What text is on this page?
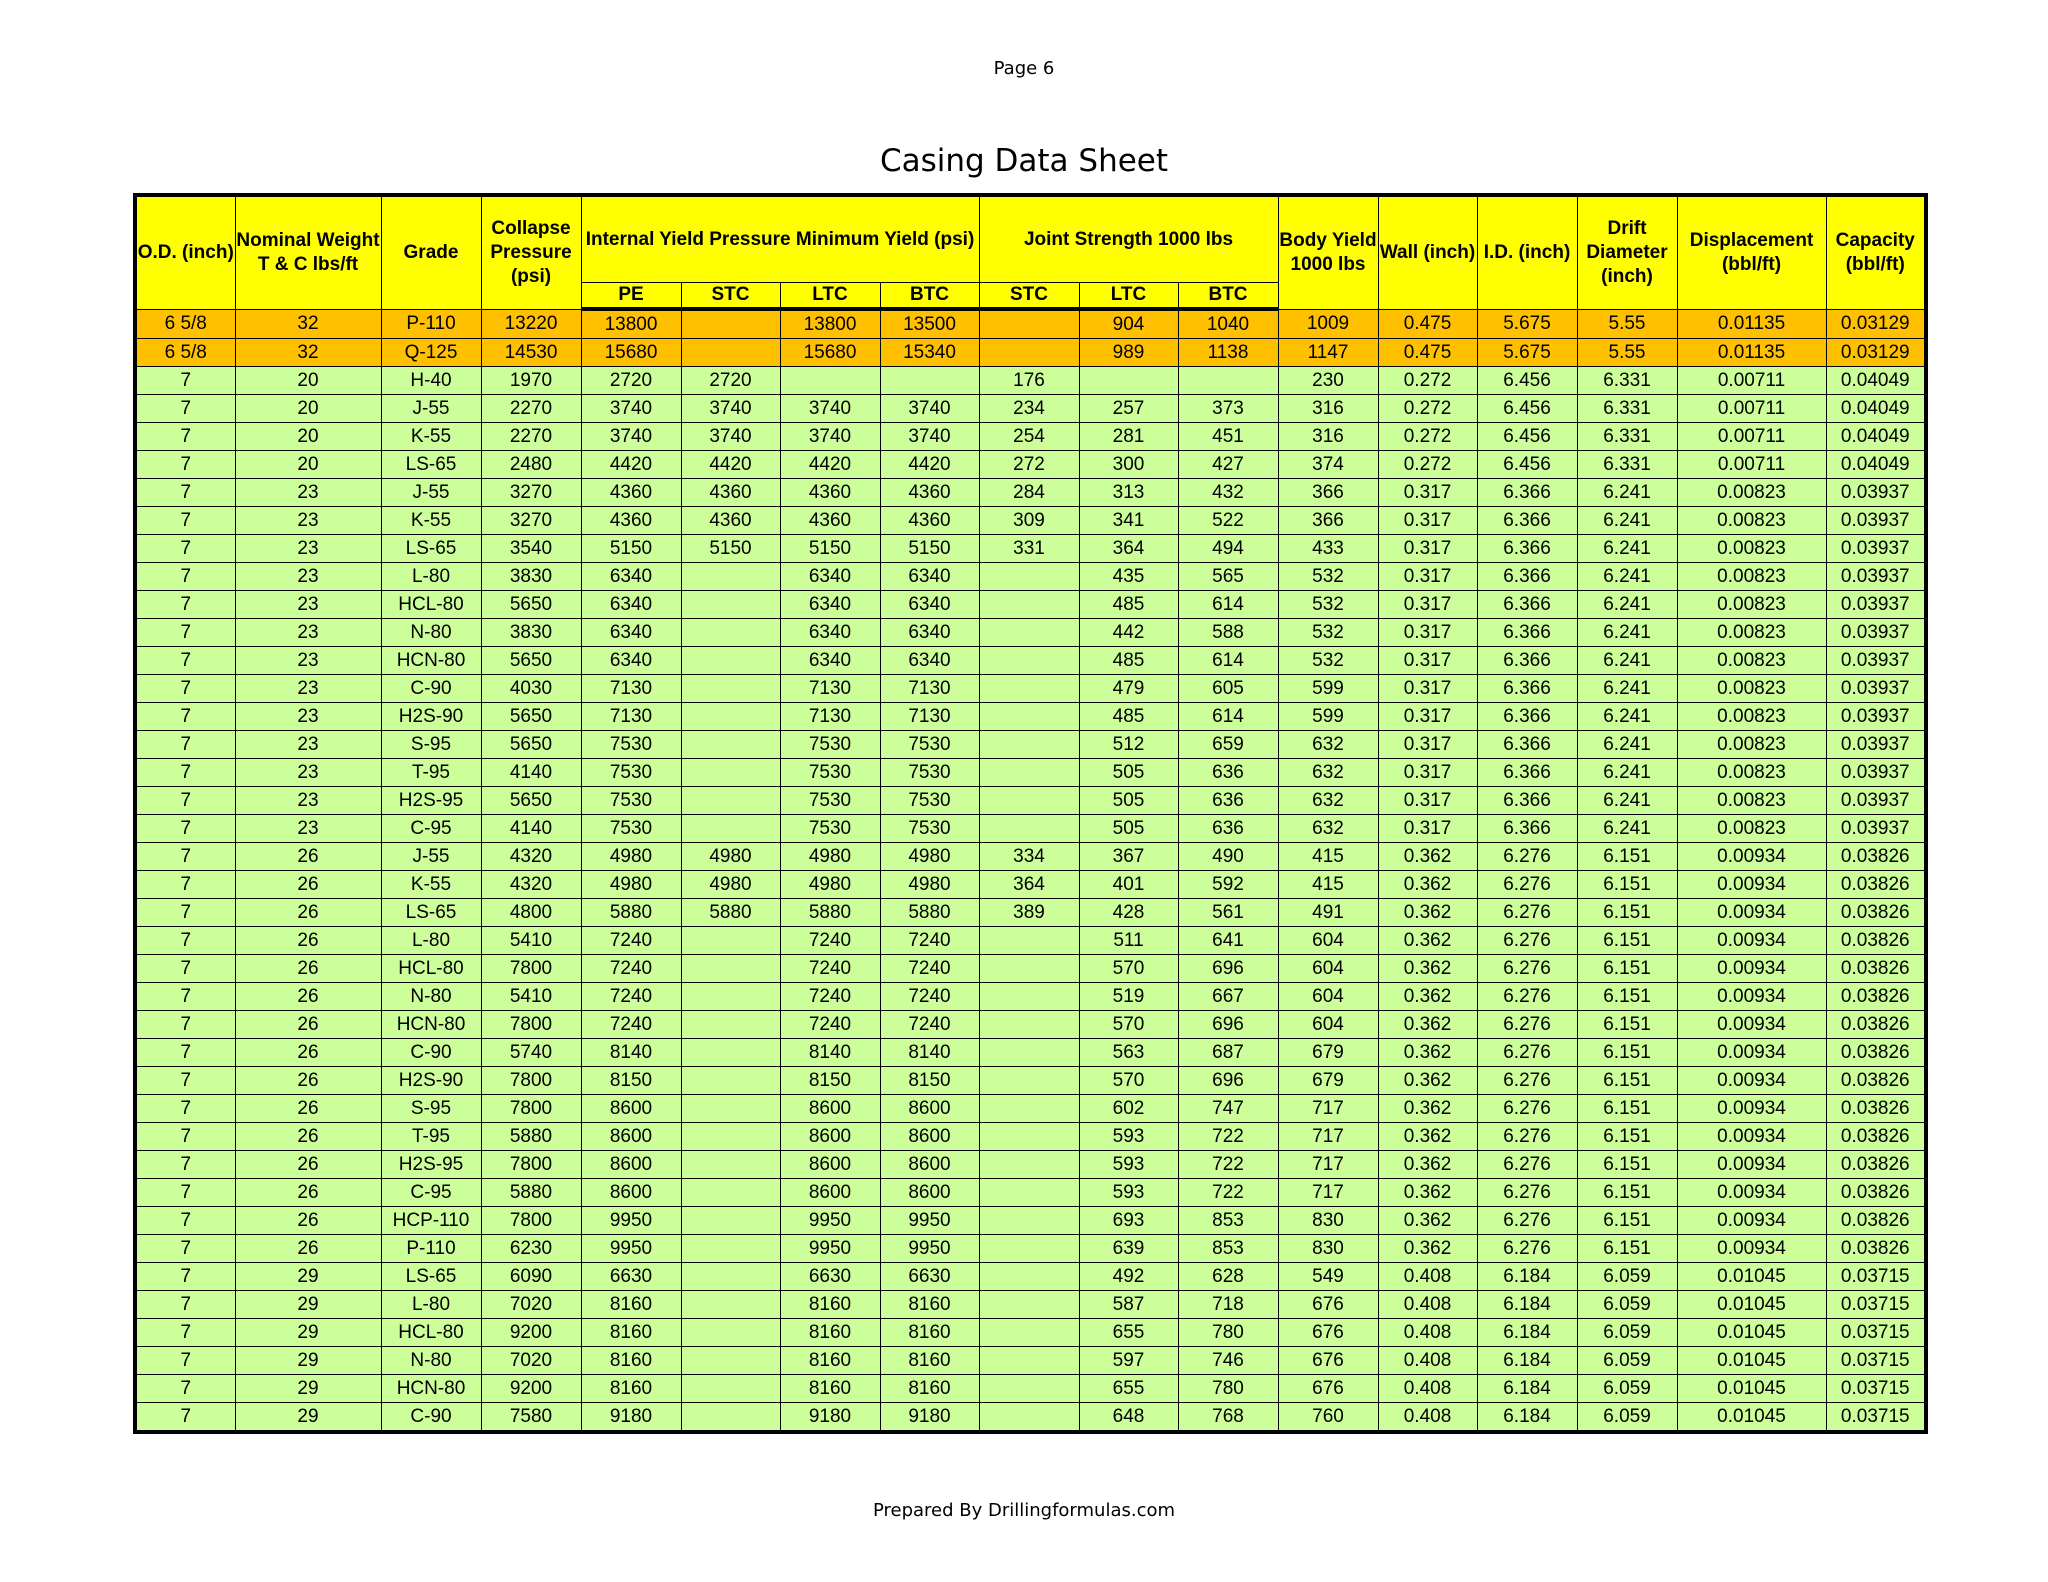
Page 6
Casing Data Sheet
O.D. (inch)	Nominal Weight T & C lbs/ft	Grade	Collapse Pressure (psi)	Internal Yield Pressure Minimum Yield (psi)				Joint Strength 1000 lbs			Body Yield 1000 lbs	Wall (inch)	I.D. (inch)	Drift Diameter (inch)	Displacement (bbl/ft)	Capacity (bbl/ft)
				PE	STC	LTC	BTC	STC	LTC	BTC						
6 5/8	32	P-110	13220	13800		13800	13500		904	1040	1009	0.475	5.675	5.55	0.01135	0.03129
6 5/8	32	Q-125	14530	15680		15680	15340		989	1138	1147	0.475	5.675	5.55	0.01135	0.03129
7	20	H-40	1970	2720	2720			176			230	0.272	6.456	6.331	0.00711	0.04049
7	20	J-55	2270	3740	3740	3740	3740	234	257	373	316	0.272	6.456	6.331	0.00711	0.04049
7	20	K-55	2270	3740	3740	3740	3740	254	281	451	316	0.272	6.456	6.331	0.00711	0.04049
7	20	LS-65	2480	4420	4420	4420	4420	272	300	427	374	0.272	6.456	6.331	0.00711	0.04049
7	23	J-55	3270	4360	4360	4360	4360	284	313	432	366	0.317	6.366	6.241	0.00823	0.03937
7	23	K-55	3270	4360	4360	4360	4360	309	341	522	366	0.317	6.366	6.241	0.00823	0.03937
7	23	LS-65	3540	5150	5150	5150	5150	331	364	494	433	0.317	6.366	6.241	0.00823	0.03937
7	23	L-80	3830	6340		6340	6340		435	565	532	0.317	6.366	6.241	0.00823	0.03937
7	23	HCL-80	5650	6340		6340	6340		485	614	532	0.317	6.366	6.241	0.00823	0.03937
7	23	N-80	3830	6340		6340	6340		442	588	532	0.317	6.366	6.241	0.00823	0.03937
7	23	HCN-80	5650	6340		6340	6340		485	614	532	0.317	6.366	6.241	0.00823	0.03937
7	23	C-90	4030	7130		7130	7130		479	605	599	0.317	6.366	6.241	0.00823	0.03937
7	23	H2S-90	5650	7130		7130	7130		485	614	599	0.317	6.366	6.241	0.00823	0.03937
7	23	S-95	5650	7530		7530	7530		512	659	632	0.317	6.366	6.241	0.00823	0.03937
7	23	T-95	4140	7530		7530	7530		505	636	632	0.317	6.366	6.241	0.00823	0.03937
7	23	H2S-95	5650	7530		7530	7530		505	636	632	0.317	6.366	6.241	0.00823	0.03937
7	23	C-95	4140	7530		7530	7530		505	636	632	0.317	6.366	6.241	0.00823	0.03937
7	26	J-55	4320	4980	4980	4980	4980	334	367	490	415	0.362	6.276	6.151	0.00934	0.03826
7	26	K-55	4320	4980	4980	4980	4980	364	401	592	415	0.362	6.276	6.151	0.00934	0.03826
7	26	LS-65	4800	5880	5880	5880	5880	389	428	561	491	0.362	6.276	6.151	0.00934	0.03826
7	26	L-80	5410	7240		7240	7240		511	641	604	0.362	6.276	6.151	0.00934	0.03826
7	26	HCL-80	7800	7240		7240	7240		570	696	604	0.362	6.276	6.151	0.00934	0.03826
7	26	N-80	5410	7240		7240	7240		519	667	604	0.362	6.276	6.151	0.00934	0.03826
7	26	HCN-80	7800	7240		7240	7240		570	696	604	0.362	6.276	6.151	0.00934	0.03826
7	26	C-90	5740	8140		8140	8140		563	687	679	0.362	6.276	6.151	0.00934	0.03826
7	26	H2S-90	7800	8150		8150	8150		570	696	679	0.362	6.276	6.151	0.00934	0.03826
7	26	S-95	7800	8600		8600	8600		602	747	717	0.362	6.276	6.151	0.00934	0.03826
7	26	T-95	5880	8600		8600	8600		593	722	717	0.362	6.276	6.151	0.00934	0.03826
7	26	H2S-95	7800	8600		8600	8600		593	722	717	0.362	6.276	6.151	0.00934	0.03826
7	26	C-95	5880	8600		8600	8600		593	722	717	0.362	6.276	6.151	0.00934	0.03826
7	26	HCP-110	7800	9950		9950	9950		693	853	830	0.362	6.276	6.151	0.00934	0.03826
7	26	P-110	6230	9950		9950	9950		639	853	830	0.362	6.276	6.151	0.00934	0.03826
7	29	LS-65	6090	6630		6630	6630		492	628	549	0.408	6.184	6.059	0.01045	0.03715
7	29	L-80	7020	8160		8160	8160		587	718	676	0.408	6.184	6.059	0.01045	0.03715
7	29	HCL-80	9200	8160		8160	8160		655	780	676	0.408	6.184	6.059	0.01045	0.03715
7	29	N-80	7020	8160		8160	8160		597	746	676	0.408	6.184	6.059	0.01045	0.03715
7	29	HCN-80	9200	8160		8160	8160		655	780	676	0.408	6.184	6.059	0.01045	0.03715
7	29	C-90	7580	9180		9180	9180		648	768	760	0.408	6.184	6.059	0.01045	0.03715
Prepared By Drillingformulas.com
